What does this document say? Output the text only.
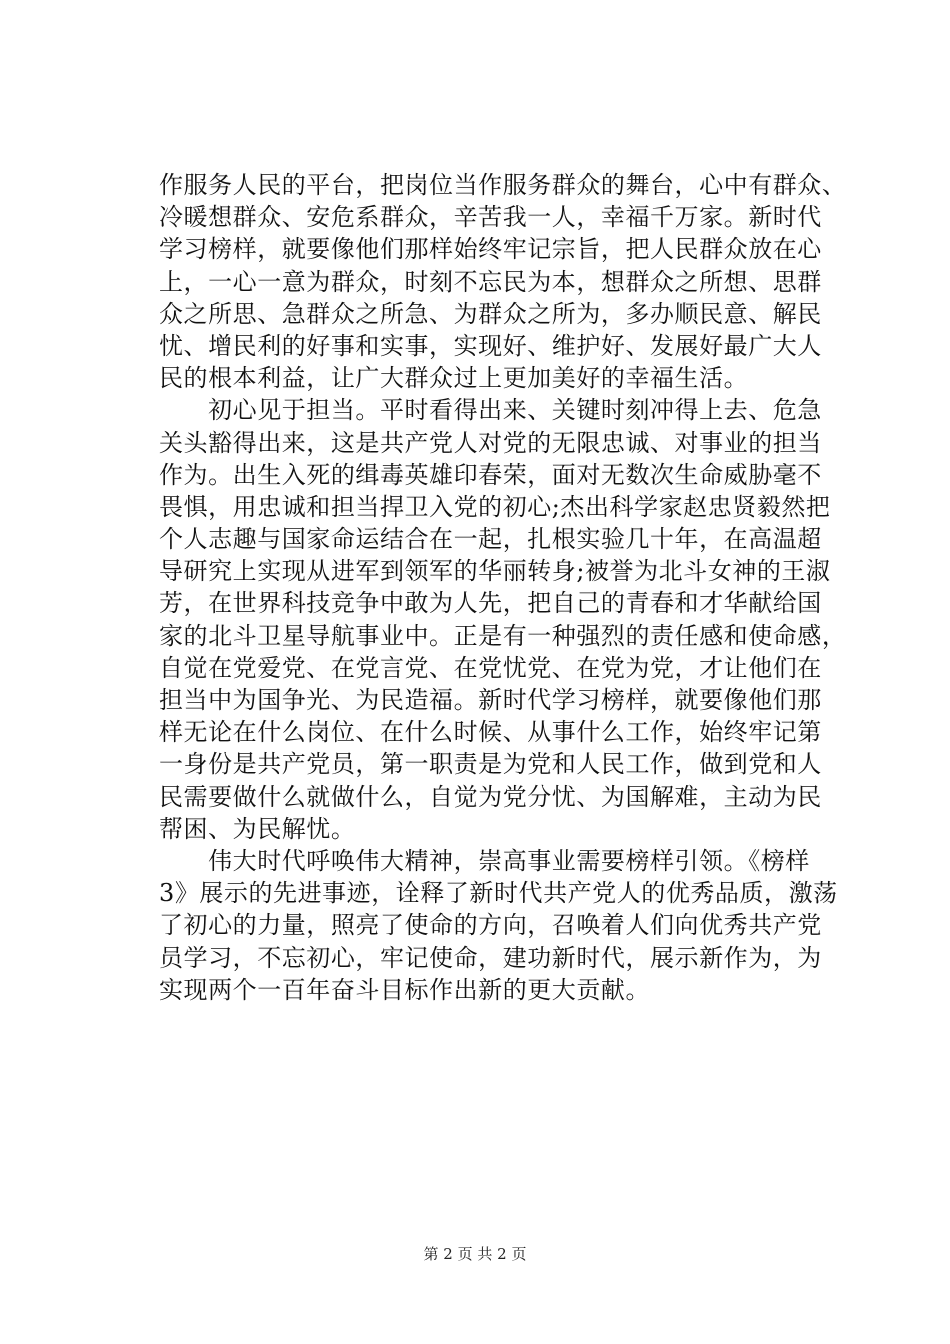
作服务人民的平台，把岗位当作服务群众的舞台，心中有群众、
冷暖想群众、安危系群众，辛苦我一人，幸福千万家。新时代
学习榜样，就要像他们那样始终牢记宗旨，把人民群众放在心
上，一心一意为群众，时刻不忘民为本，想群众之所想、思群
众之所思、急群众之所急、为群众之所为，多办顺民意、解民
忧、增民利的好事和实事，实现好、维护好、发展好最广大人
民的根本利益，让广大群众过上更加美好的幸福生活。
　　初心见于担当。平时看得出来、关键时刻冲得上去、危急
关头豁得出来，这是共产党人对党的无限忠诚、对事业的担当
作为。出生入死的缉毒英雄印春荣，面对无数次生命威胁毫不
畏惧，用忠诚和担当捍卫入党的初心;杰出科学家赵忠贤毅然把
个人志趣与国家命运结合在一起，扎根实验几十年，在高温超
导研究上实现从进军到领军的华丽转身;被誉为北斗女神的王淑
芳，在世界科技竞争中敢为人先，把自己的青春和才华献给国
家的北斗卫星导航事业中。正是有一种强烈的责任感和使命感，
自觉在党爱党、在党言党、在党忧党、在党为党，才让他们在
担当中为国争光、为民造福。新时代学习榜样，就要像他们那
样无论在什么岗位、在什么时候、从事什么工作，始终牢记第
一身份是共产党员，第一职责是为党和人民工作，做到党和人
民需要做什么就做什么，自觉为党分忧、为国解难，主动为民
帮困、为民解忧。
　　伟大时代呼唤伟大精神，崇高事业需要榜样引领。《榜样
3》展示的先进事迹，诠释了新时代共产党人的优秀品质，激荡
了初心的力量，照亮了使命的方向，召唤着人们向优秀共产党
员学习，不忘初心，牢记使命，建功新时代，展示新作为，为
实现两个一百年奋斗目标作出新的更大贡献。
第 2 页 共 2 页
